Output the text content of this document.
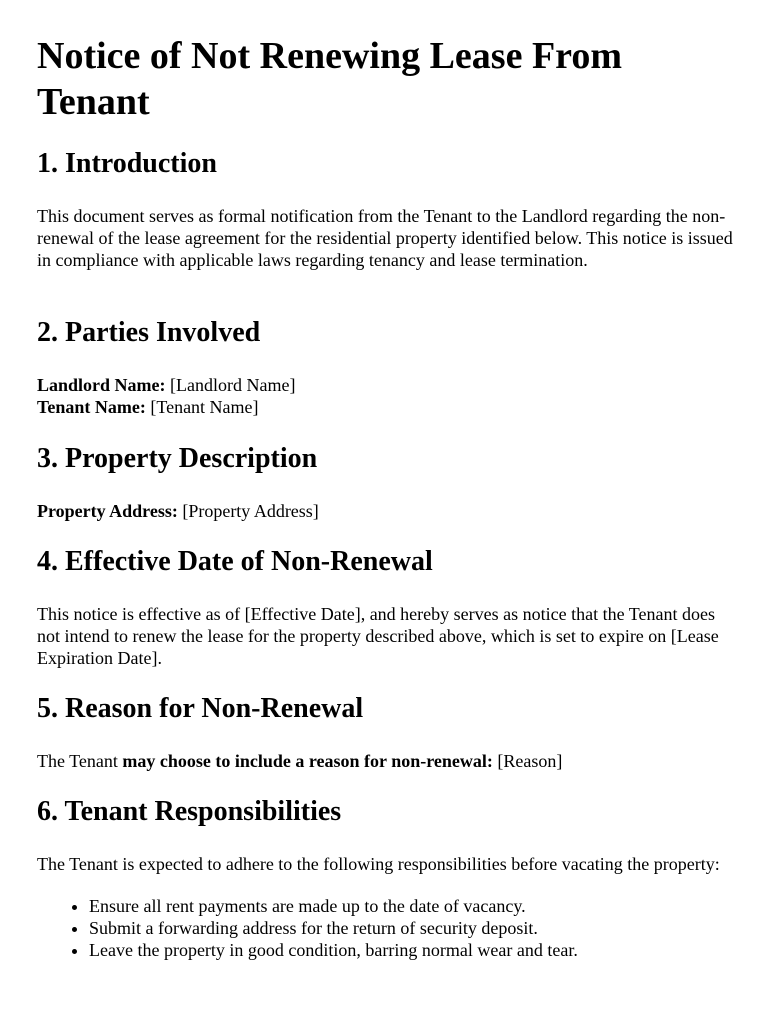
Notice of Not Renewing Lease From Tenant
1. Introduction

This document serves as formal notification from the Tenant to the Landlord regarding the non-renewal of the lease agreement for the residential property identified below. This notice is issued in compliance with applicable laws regarding tenancy and lease termination.

2. Parties Involved

Landlord Name: [Landlord Name]

Tenant Name: [Tenant Name]

3. Property Description

Property Address: [Property Address]

4. Effective Date of Non-Renewal

This notice is effective as of [Effective Date], and hereby serves as notice that the Tenant does not intend to renew the lease for the property described above, which is set to expire on [Lease Expiration Date].

5. Reason for Non-Renewal

The Tenant may choose to include a reason for non-renewal: [Reason]

6. Tenant Responsibilities

The Tenant is expected to adhere to the following responsibilities before vacating the property:

• Ensure all rent payments are made up to the date of vacancy.
• Submit a forwarding address for the return of security deposit.
• Leave the property in good condition, barring normal wear and tear.
